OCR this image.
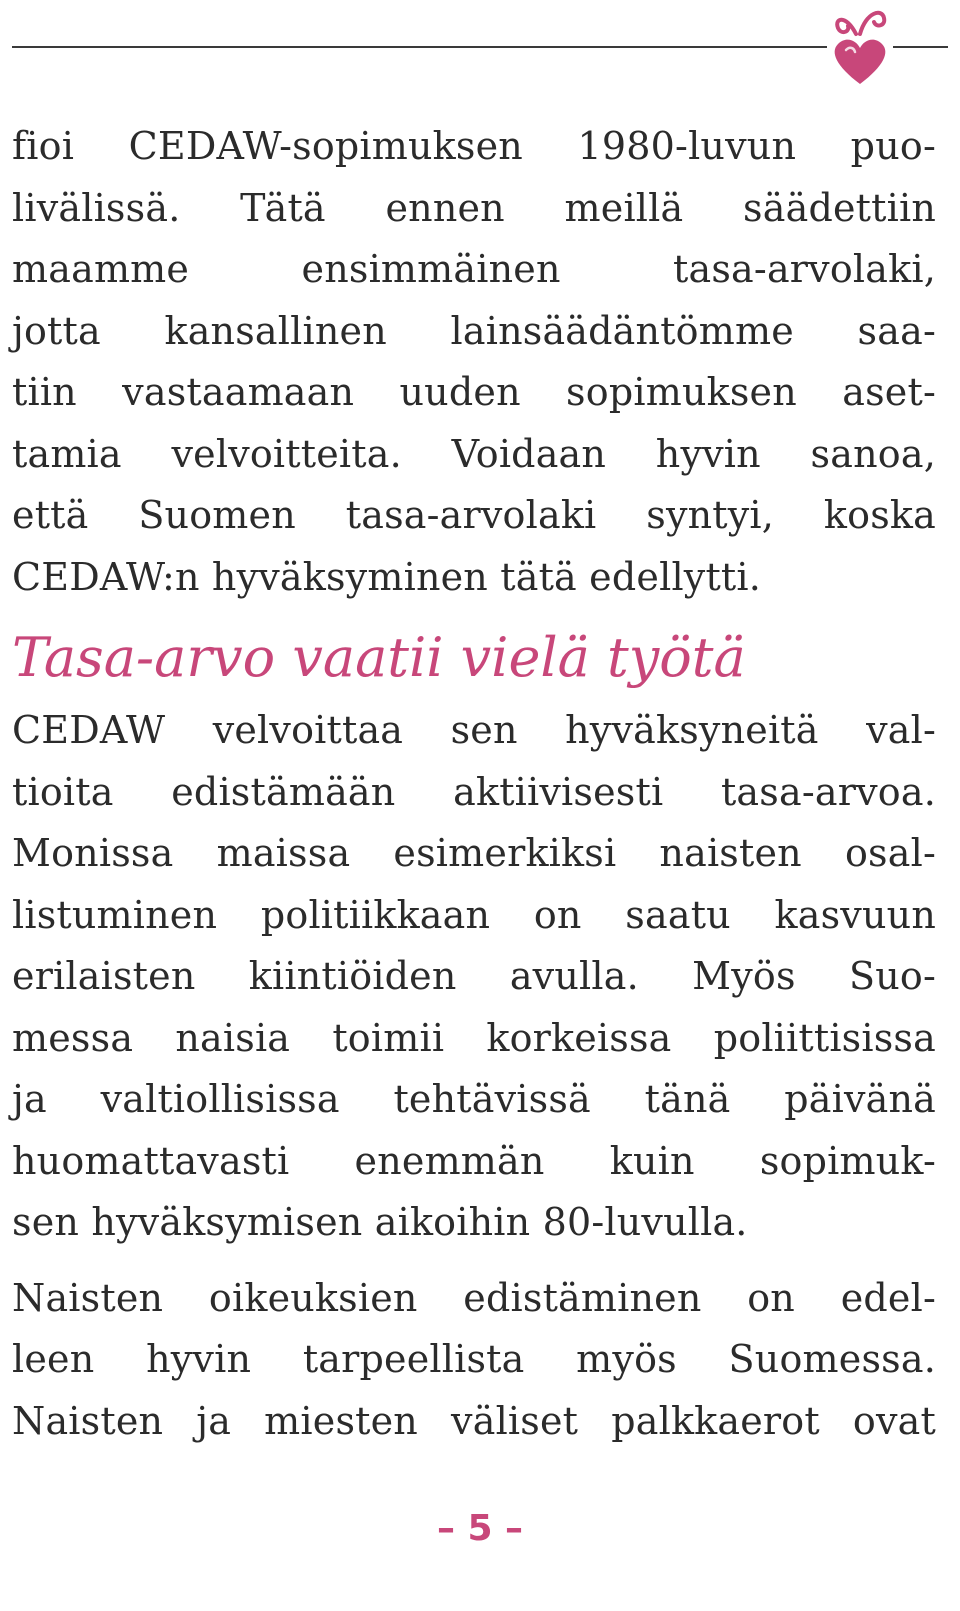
fioi CEDAW-sopimuksen 1980-luvun puo-
livälissä. Tätä ennen meillä säädettiin
maamme ensimmäinen tasa-arvolaki,
jotta kansallinen lainsäädäntömme saa-
tiin vastaamaan uuden sopimuksen aset-
tamia velvoitteita. Voidaan hyvin sanoa,
että Suomen tasa-arvolaki syntyi, koska
CEDAW:n hyväksyminen tätä edellytti.

Tasa-arvo vaatii vielä työtä

CEDAW velvoittaa sen hyväksyneitä val-
tioita edistämään aktiivisesti tasa-arvoa.
Monissa maissa esimerkiksi naisten osal-
listuminen politiikkaan on saatu kasvuun
erilaisten kiintiöiden avulla. Myös Suo-
messa naisia toimii korkeissa poliittisissa
ja valtiollisissa tehtävissä tänä päivänä
huomattavasti enemmän kuin sopimuk-
sen hyväksymisen aikoihin 80-luvulla.

Naisten oikeuksien edistäminen on edel-
leen hyvin tarpeellista myös Suomessa.
Naisten ja miesten väliset palkkaerot ovat

– 5 –
